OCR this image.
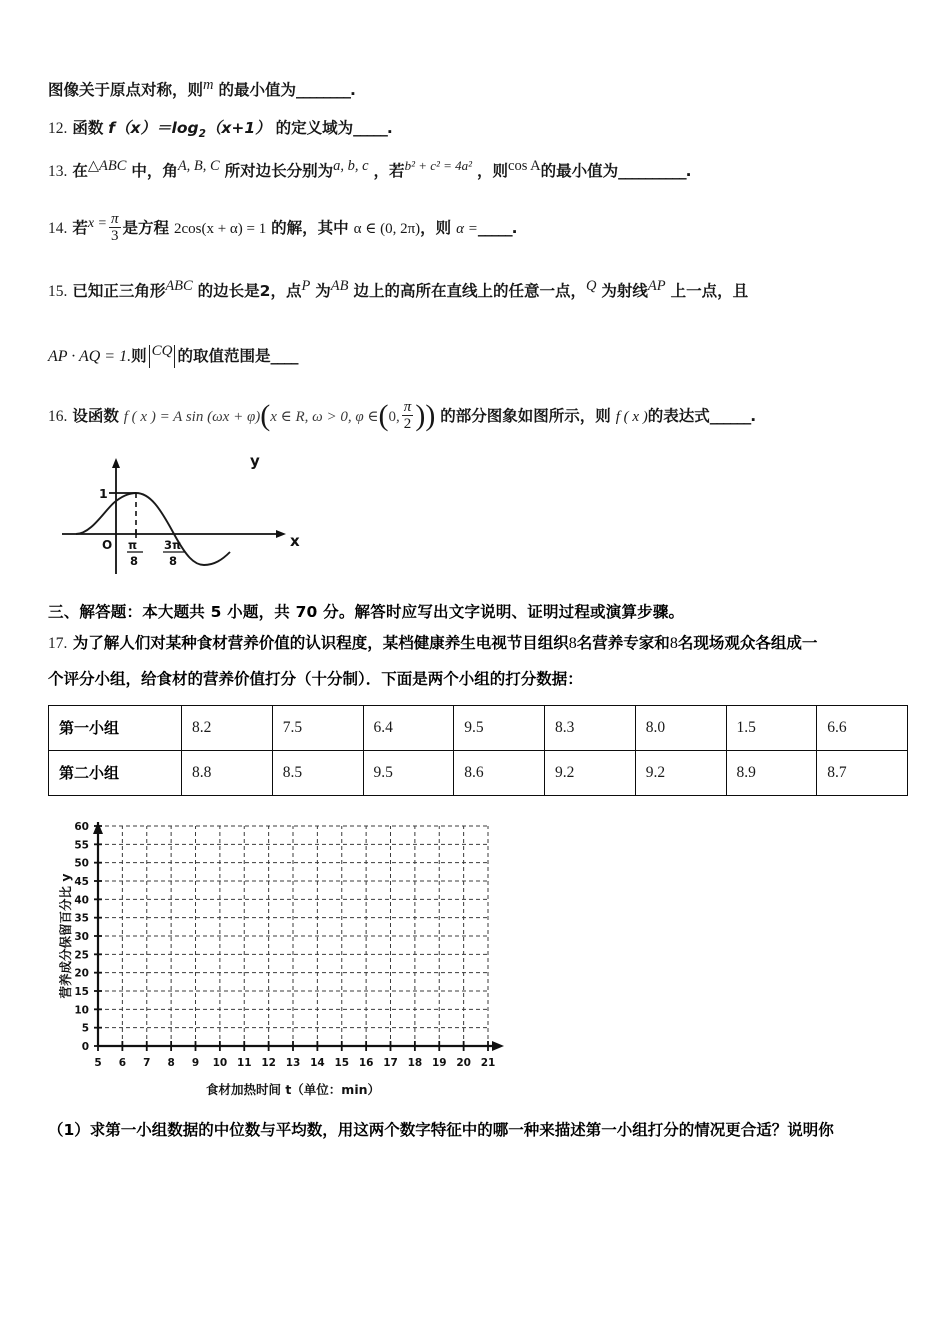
图像关于原点对称，则m 的最小值为________.
12. 函数 $f(x)=\log_2(x+1)$ 的定义域为_____.
13. 在△ABC 中，角A, B, C 所对边长分别为a, b, c ，若$^{b^2 + c^2 = 4a^2}$ ，则cos A的最小值为__________.
14. 若$x = \frac{\pi}{3}$ 是方程 2cos(x + α) = 1 的解，其中 α ∈ (0, 2π)，则 α =_____.
15. 已知正三角形ABC 的边长是2，点P 为AB 边上的高所在直线上的任意一点，Q 为射线AP 上一点，且
AP · AQ = 1.则 CQ 的取值范围是____
16. 设函数 f ( x ) = A sin (ωx + φ)(x ∈ R, ω > 0, φ ∈(0, $\frac{\pi}{2}$ )) 的部分图象如图所示，则 f ( x )的表达式______.
y
x
1
O π
8
3π
8
三、解答题：本大题共 5 小题，共 70 分。解答时应写出文字说明、证明过程或演算步骤。
17. 为了解人们对某种食材营养价值的认识程度，某档健康养生电视节目组织8名营养专家和8名现场观众各组成一
个评分小组，给食材的营养价值打分（十分制）．下面是两个小组的打分数据：
第一小组	8.2	7.5	6.4	9.5	8.3	8.0	1.5	6.6
第二小组	8.8	8.5	9.5	8.6	9.2	9.2	8.9	8.7
0
5
10
15
20
25
30
35
40
45
50
55
60
5 6 7 8 9 10 11 12 13 14 15 16 17 18 19 20 21
食材加热时间 t（单位：min）
营养成分保留百分比 y
（1）求第一小组数据的中位数与平均数，用这两个数字特征中的哪一种来描述第一小组打分的情况更合适？说明你
